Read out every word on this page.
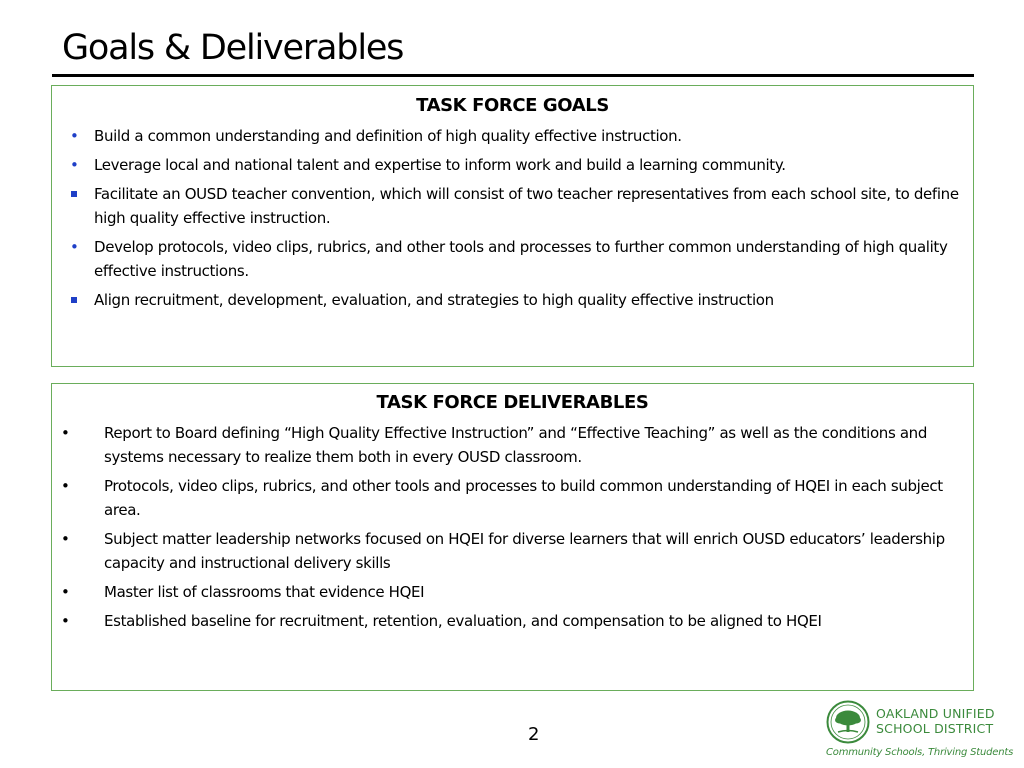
Goals & Deliverables
TASK FORCE GOALS
• Build a common understanding and definition of high quality effective instruction.
• Leverage local and national talent and expertise to inform work and build a learning community.
Facilitate an OUSD teacher convention, which will consist of two teacher representatives from each school site, to define high quality effective instruction.
• Develop protocols, video clips, rubrics, and other tools and processes to further common understanding of high quality effective instructions.
Align recruitment, development, evaluation, and strategies to high quality effective instruction
TASK FORCE DELIVERABLES
• Report to Board defining “High Quality Effective Instruction” and “Effective Teaching” as well as the conditions and systems necessary to realize them both in every OUSD classroom.
• Protocols, video clips, rubrics, and other tools and processes to build common understanding of HQEI in each subject area.
• Subject matter leadership networks focused on HQEI for diverse learners that will enrich OUSD educators’ leadership capacity and instructional delivery skills
• Master list of classrooms that evidence HQEI
• Established baseline for recruitment, retention, evaluation, and compensation to be aligned to HQEI
2
OAKLAND UNIFIED
SCHOOL DISTRICT
Community Schools, Thriving Students
